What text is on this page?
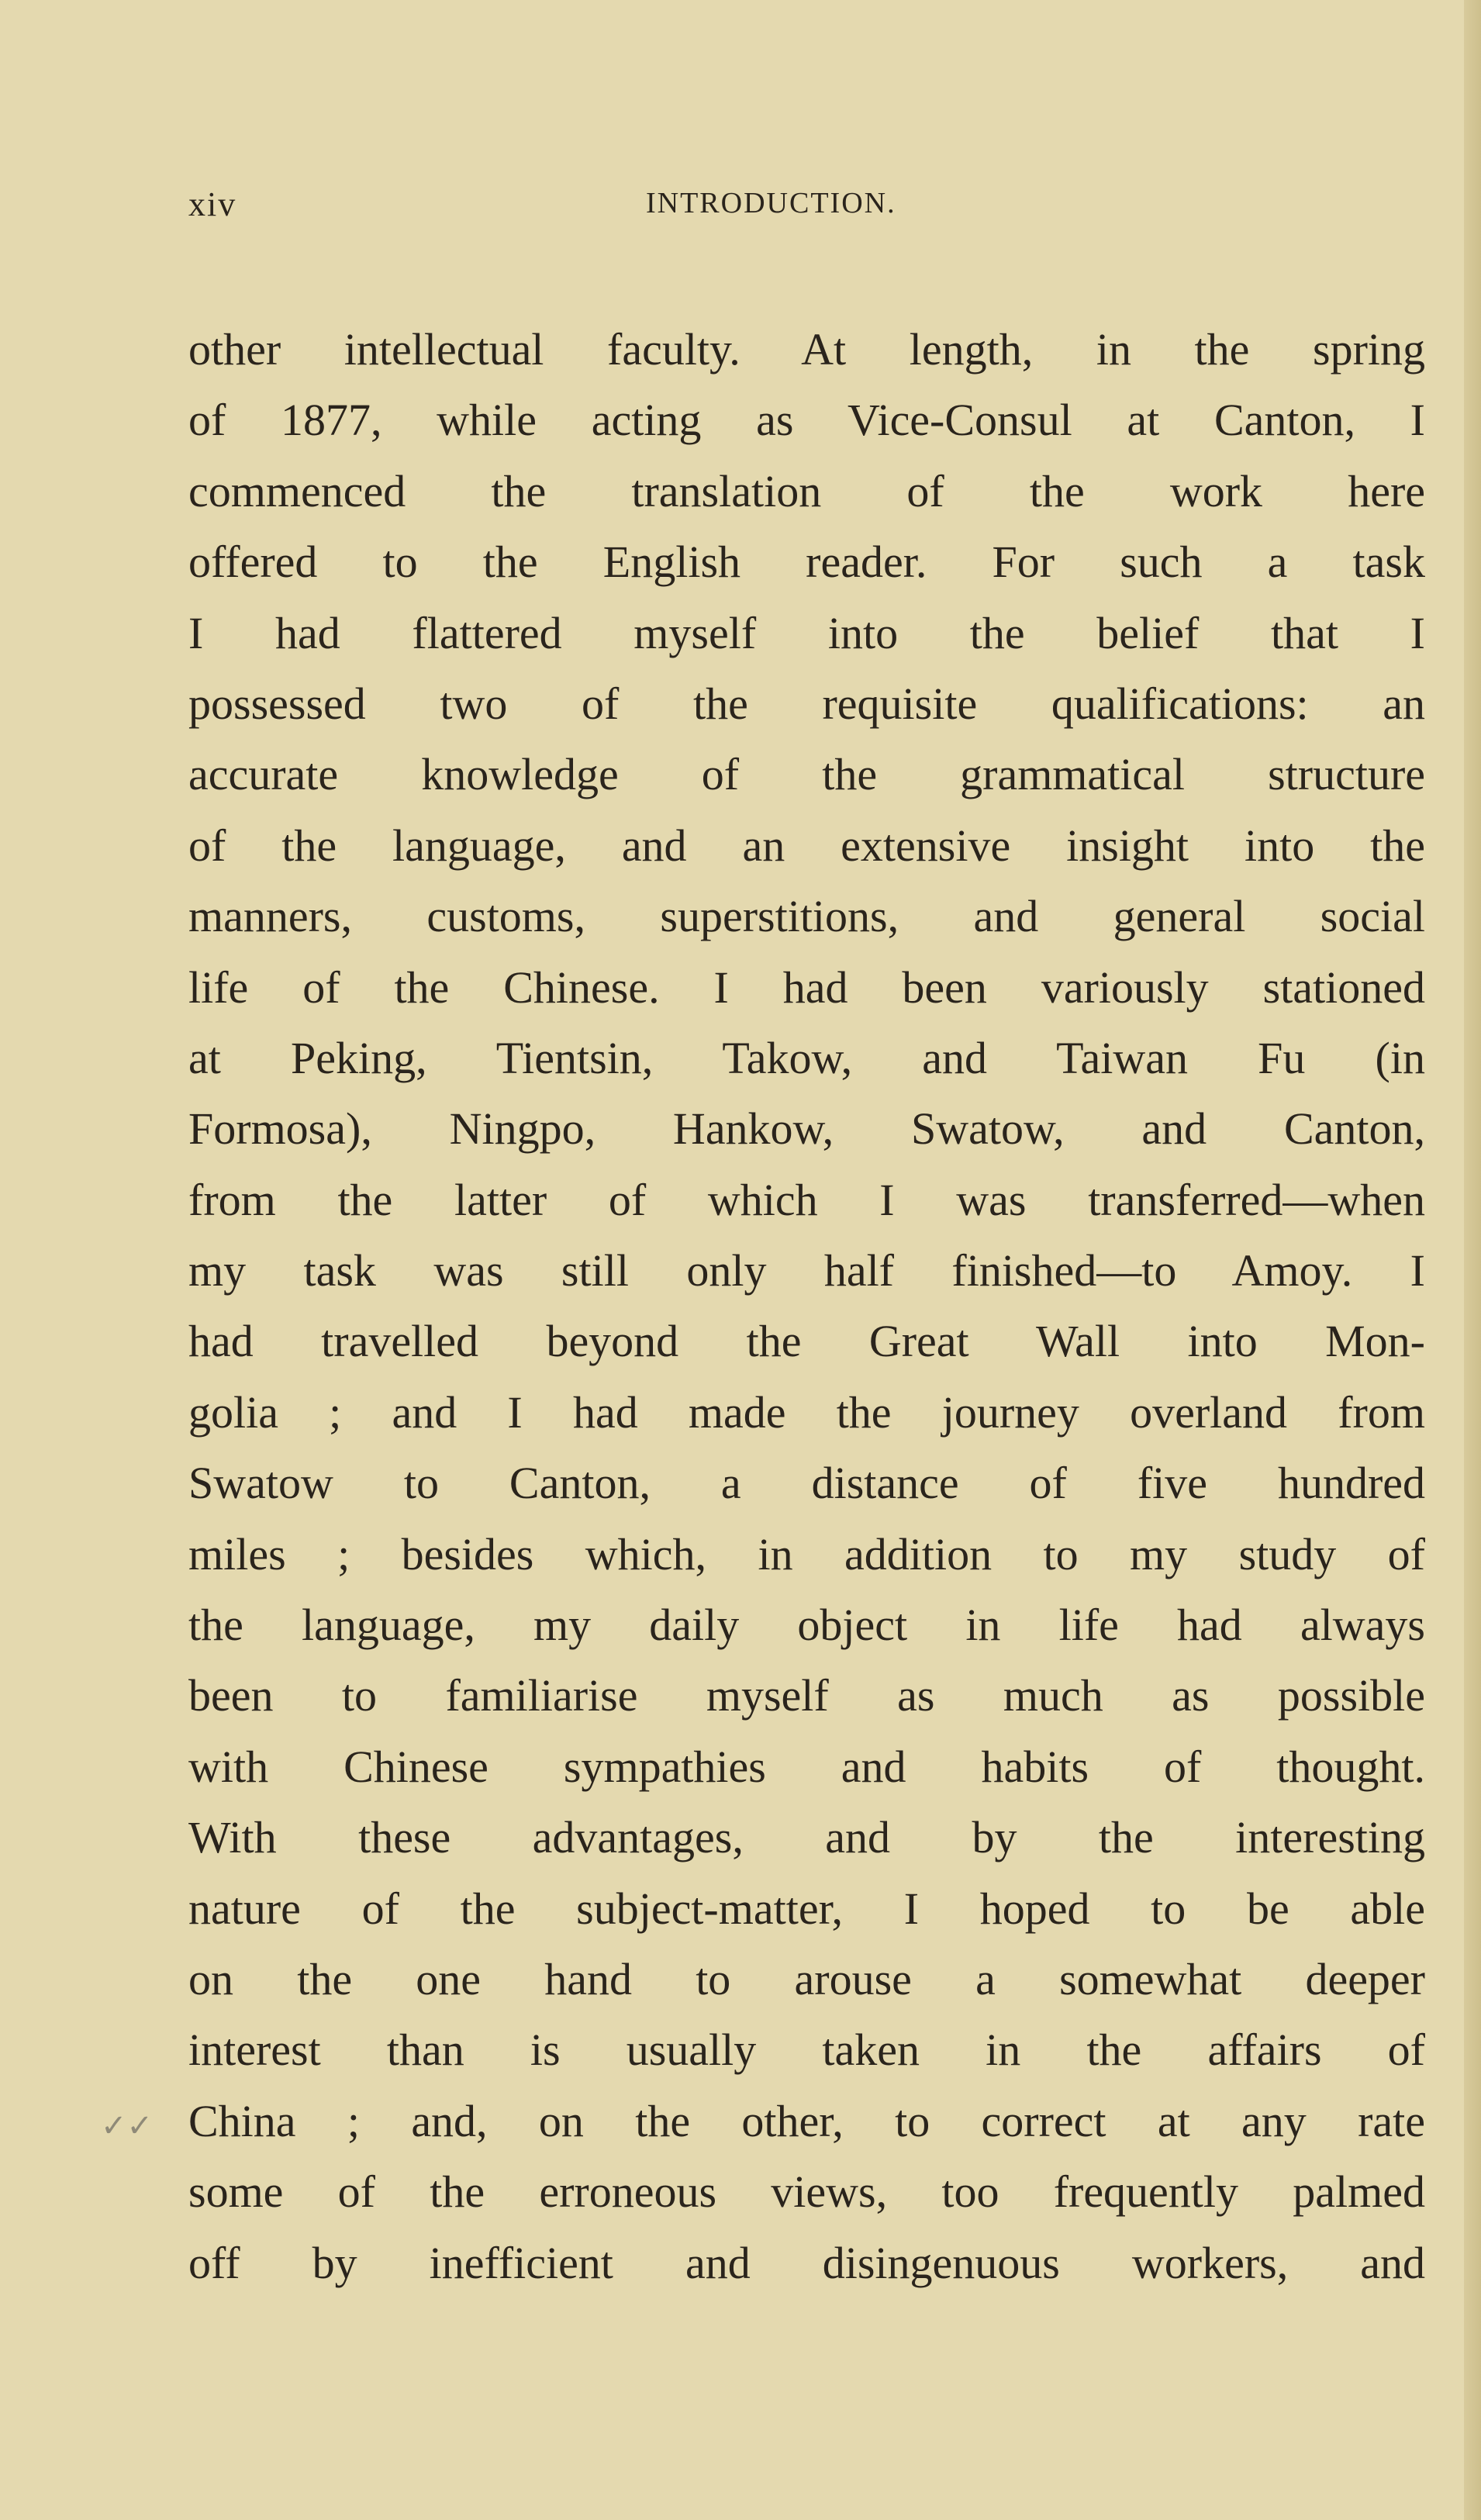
xiv	INTRODUCTION.
other intellectual faculty. At length, in the spring
of 1877, while acting as Vice-Consul at Canton, I
commenced the translation of the work here
offered to the English reader. For such a task
I had flattered myself into the belief that I
possessed two of the requisite qualifications: an
accurate knowledge of the grammatical structure
of the language, and an extensive insight into the
manners, customs, superstitions, and general social
life of the Chinese. I had been variously stationed
at Peking, Tientsin, Takow, and Taiwan Fu (in
Formosa), Ningpo, Hankow, Swatow, and Canton,
from the latter of which I was transferred—when
my task was still only half finished—to Amoy. I
had travelled beyond the Great Wall into Mon-
golia ; and I had made the journey overland from
Swatow to Canton, a distance of five hundred
miles ; besides which, in addition to my study of
the language, my daily object in life had always
been to familiarise myself as much as possible
with Chinese sympathies and habits of thought.
With these advantages, and by the interesting
nature of the subject-matter, I hoped to be able
on the one hand to arouse a somewhat deeper
interest than is usually taken in the affairs of
China ; and, on the other, to correct at any rate
some of the erroneous views, too frequently palmed
off by inefficient and disingenuous workers, and
✓✓
